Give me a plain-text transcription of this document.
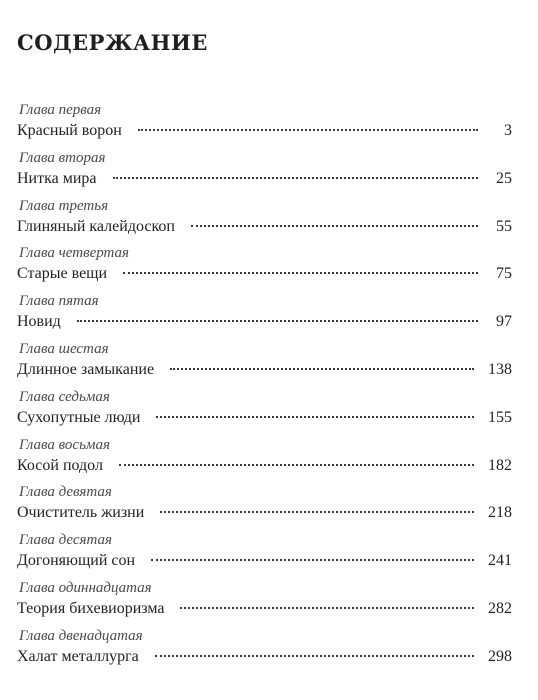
СОДЕРЖАНИЕ
Глава первая
Красный ворон	3
Глава вторая
Нитка мира	25
Глава третья
Глиняный калейдоскоп	55
Глава четвертая
Старые вещи	75
Глава пятая
Новид	97
Глава шестая
Длинное замыкание	138
Глава седьмая
Сухопутные люди	155
Глава восьмая
Косой подол	182
Глава девятая
Очиститель жизни	218
Глава десятая
Догоняющий сон	241
Глава одиннадцатая
Теория бихевиоризма	282
Глава двенадцатая
Халат металлурга	298
